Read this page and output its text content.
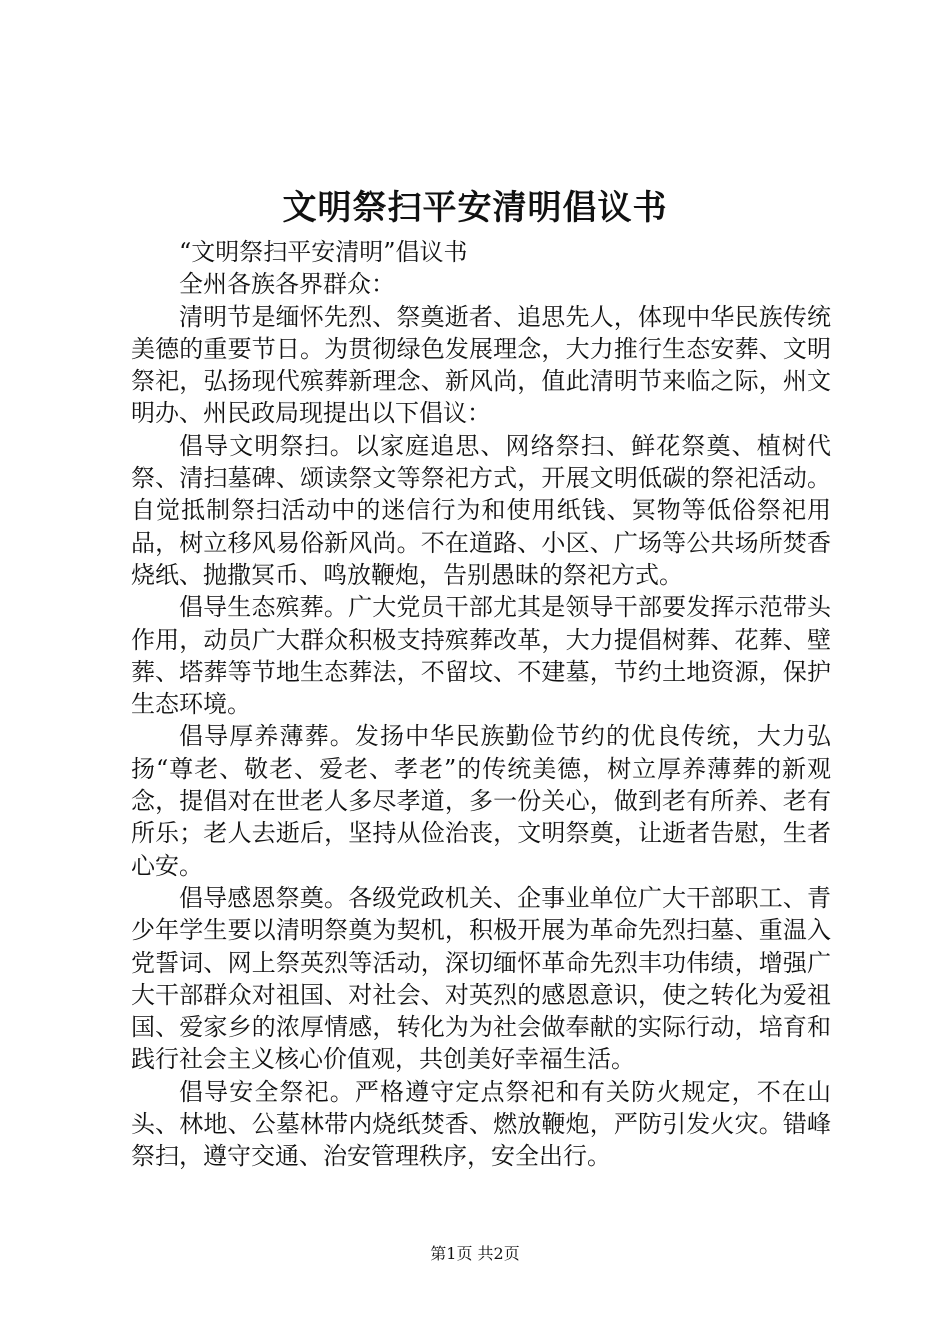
文明祭扫平安清明倡议书

“文明祭扫平安清明”倡议书

全州各族各界群众：

清明节是缅怀先烈、祭奠逝者、追思先人，体现中华民族传统美德的重要节日。为贯彻绿色发展理念，大力推行生态安葬、文明祭祀，弘扬现代殡葬新理念、新风尚，值此清明节来临之际，州文明办、州民政局现提出以下倡议：

倡导文明祭扫。以家庭追思、网络祭扫、鲜花祭奠、植树代祭、清扫墓碑、颂读祭文等祭祀方式，开展文明低碳的祭祀活动。自觉抵制祭扫活动中的迷信行为和使用纸钱、冥物等低俗祭祀用品，树立移风易俗新风尚。不在道路、小区、广场等公共场所焚香烧纸、抛撒冥币、鸣放鞭炮，告别愚昧的祭祀方式。

倡导生态殡葬。广大党员干部尤其是领导干部要发挥示范带头作用，动员广大群众积极支持殡葬改革，大力提倡树葬、花葬、壁葬、塔葬等节地生态葬法，不留坟、不建墓，节约土地资源，保护生态环境。

倡导厚养薄葬。发扬中华民族勤俭节约的优良传统，大力弘扬“尊老、敬老、爱老、孝老”的传统美德，树立厚养薄葬的新观念，提倡对在世老人多尽孝道，多一份关心，做到老有所养、老有所乐；老人去逝后，坚持从俭治丧，文明祭奠，让逝者告慰，生者心安。

倡导感恩祭奠。各级党政机关、企事业单位广大干部职工、青少年学生要以清明祭奠为契机，积极开展为革命先烈扫墓、重温入党誓词、网上祭英烈等活动，深切缅怀革命先烈丰功伟绩，增强广大干部群众对祖国、对社会、对英烈的感恩意识，使之转化为爱祖国、爱家乡的浓厚情感，转化为为社会做奉献的实际行动，培育和践行社会主义核心价值观，共创美好幸福生活。

倡导安全祭祀。严格遵守定点祭祀和有关防火规定，不在山头、林地、公墓林带内烧纸焚香、燃放鞭炮，严防引发火灾。错峰祭扫，遵守交通、治安管理秩序，安全出行。

第1页 共2页
